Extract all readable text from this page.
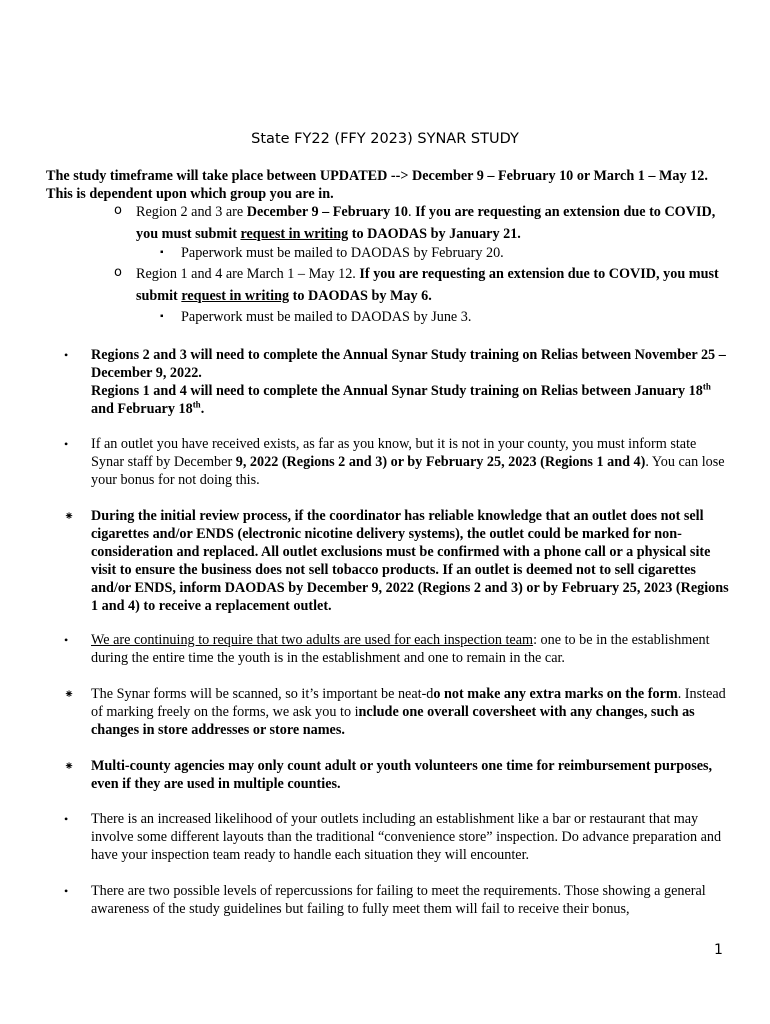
State FY22 (FFY 2023) SYNAR STUDY
The study timeframe will take place between UPDATED --> December 9 – February 10 or March 1 – May 12. This is dependent upon which group you are in.
o Region 2 and 3 are December 9 – February 10. If you are requesting an extension due to COVID, you must submit request in writing to DAODAS by January 21.
▪ Paperwork must be mailed to DAODAS by February 20.
o Region 1 and 4 are March 1 – May 12. If you are requesting an extension due to COVID, you must submit request in writing to DAODAS by May 6.
▪ Paperwork must be mailed to DAODAS by June 3.
• Regions 2 and 3 will need to complete the Annual Synar Study training on Relias between November 25 – December 9, 2022.
Regions 1 and 4 will need to complete the Annual Synar Study training on Relias between January 18th and February 18th.
• If an outlet you have received exists, as far as you know, but it is not in your county, you must inform state Synar staff by December 9, 2022 (Regions 2 and 3) or by February 25, 2023 (Regions 1 and 4). You can lose your bonus for not doing this.
⁕ During the initial review process, if the coordinator has reliable knowledge that an outlet does not sell cigarettes and/or ENDS (electronic nicotine delivery systems), the outlet could be marked for non-consideration and replaced. All outlet exclusions must be confirmed with a phone call or a physical site visit to ensure the business does not sell tobacco products. If an outlet is deemed not to sell cigarettes and/or ENDS, inform DAODAS by December 9, 2022 (Regions 2 and 3) or by February 25, 2023 (Regions 1 and 4) to receive a replacement outlet.
• We are continuing to require that two adults are used for each inspection team: one to be in the establishment during the entire time the youth is in the establishment and one to remain in the car.
⁕ The Synar forms will be scanned, so it’s important be neat-do not make any extra marks on the form. Instead of marking freely on the forms, we ask you to include one overall coversheet with any changes, such as changes in store addresses or store names.
⁕ Multi-county agencies may only count adult or youth volunteers one time for reimbursement purposes, even if they are used in multiple counties.
• There is an increased likelihood of your outlets including an establishment like a bar or restaurant that may involve some different layouts than the traditional “convenience store” inspection. Do advance preparation and have your inspection team ready to handle each situation they will encounter.
• There are two possible levels of repercussions for failing to meet the requirements. Those showing a general awareness of the study guidelines but failing to fully meet them will fail to receive their bonus,
1
